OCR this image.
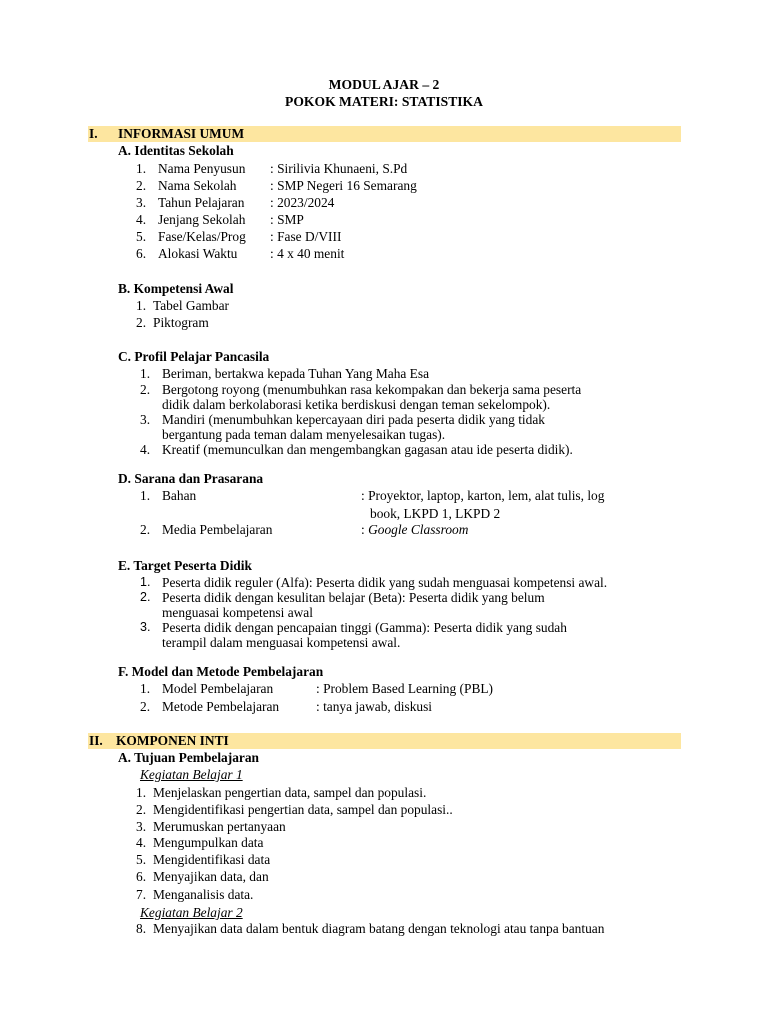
MODUL AJAR – 2
POKOK MATERI: STATISTIKA
I. INFORMASI UMUM
A. Identitas Sekolah
1. Nama Penyusun : Sirilivia Khunaeni, S.Pd
2. Nama Sekolah	: SMP Negeri 16 Semarang
3. Tahun Pelajaran : 2023/2024
4. Jenjang Sekolah : SMP
5. Fase/Kelas/Prog : Fase D/VIII
6. Alokasi Waktu : 4 x 40 menit
B. Kompetensi Awal
1. Tabel Gambar
2. Piktogram
C. Profil Pelajar Pancasila
1. Beriman, bertakwa kepada Tuhan Yang Maha Esa
2. Bergotong royong (menumbuhkan rasa kekompakan dan bekerja sama peserta
didik dalam berkolaborasi ketika berdiskusi dengan teman sekelompok).
3. Mandiri (menumbuhkan kepercayaan diri pada peserta didik yang tidak
bergantung pada teman dalam menyelesaikan tugas).
4. Kreatif (memunculkan dan mengembangkan gagasan atau ide peserta didik).
D. Sarana dan Prasarana
1. Bahan	: Proyektor, laptop, karton, lem, alat tulis, log
book, LKPD 1, LKPD 2
2. Media Pembelajaran	: Google Classroom
E. Target Peserta Didik
1. Peserta didik reguler (Alfa): Peserta didik yang sudah menguasai kompetensi awal.
2. Peserta didik dengan kesulitan belajar (Beta): Peserta didik yang belum
menguasai kompetensi awal
3. Peserta didik dengan pencapaian tinggi (Gamma): Peserta didik yang sudah
terampil dalam menguasai kompetensi awal.
F. Model dan Metode Pembelajaran
1. Model Pembelajaran	: Problem Based Learning (PBL)
2. Metode Pembelajaran	: tanya jawab, diskusi
II. KOMPONEN INTI
A. Tujuan Pembelajaran
Kegiatan Belajar 1
1. Menjelaskan pengertian data, sampel dan populasi.
2. Mengidentifikasi pengertian data, sampel dan populasi..
3. Merumuskan pertanyaan
4. Mengumpulkan data
5. Mengidentifikasi data
6. Menyajikan data, dan
7. Menganalisis data.
Kegiatan Belajar 2
8. Menyajikan data dalam bentuk diagram batang dengan teknologi atau tanpa bantuan
